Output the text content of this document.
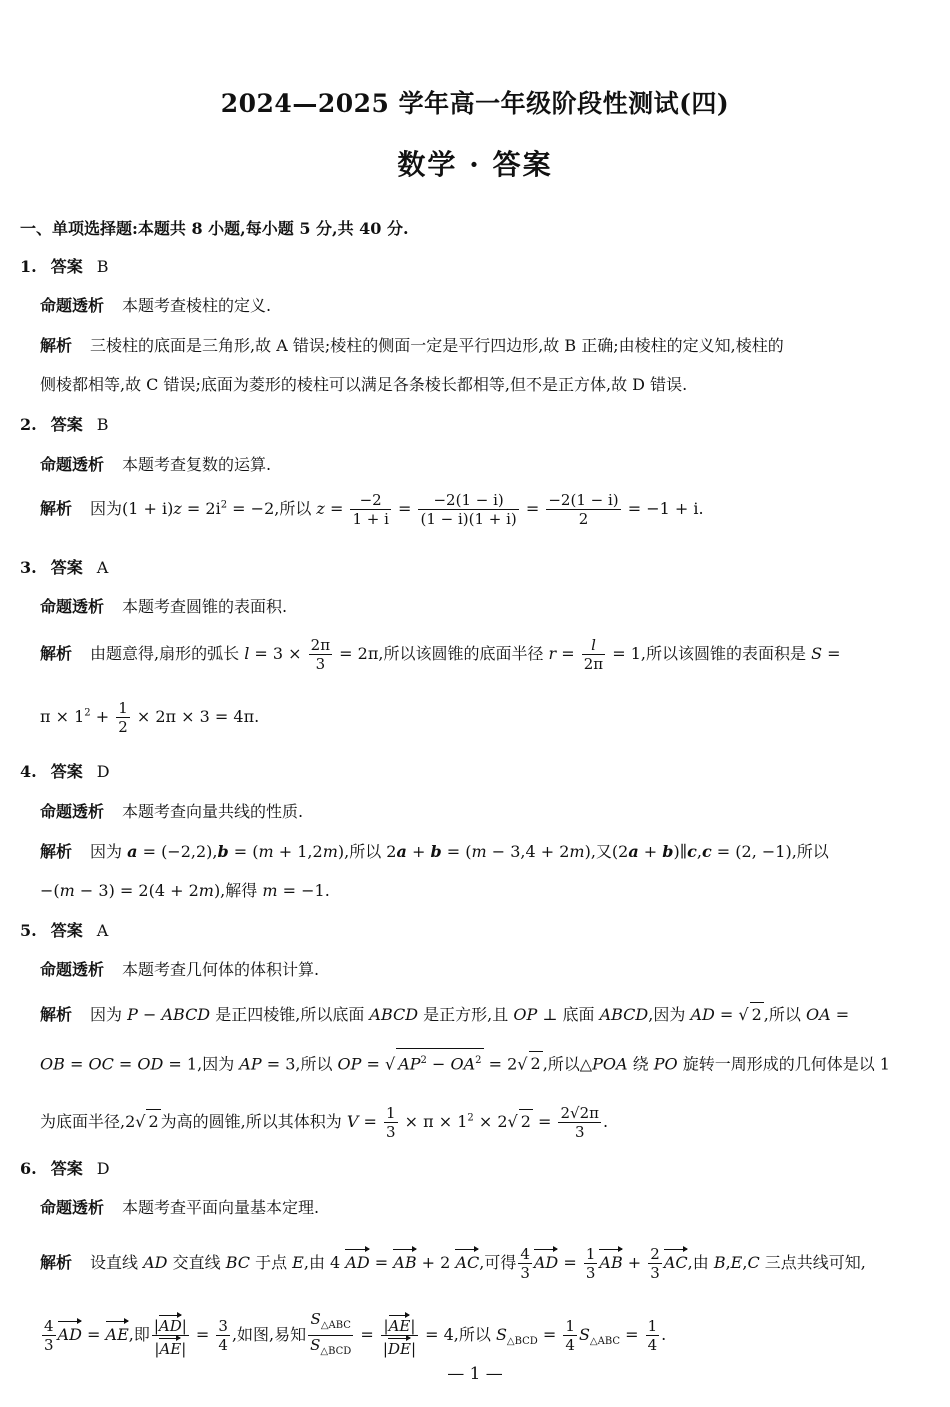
2024—2025 学年高一年级阶段性测试(四)
数学 · 答案
一、单项选择题:本题共 8 小题,每小题 5 分,共 40 分.
1. 答案 B
命题透析 本题考查棱柱的定义.
解析 三棱柱的底面是三角形,故 A 错误;棱柱的侧面一定是平行四边形,故 B 正确;由棱柱的定义知,棱柱的
侧棱都相等,故 C 错误;底面为菱形的棱柱可以满足各条棱长都相等,但不是正方体,故 D 错误.
2. 答案 B
命题透析 本题考查复数的运算.
解析 因为$(1 + i)z = 2i^2 = -2$,所以 $z = \frac{-2}{1 + i} = \frac{-2(1 - i)}{(1 - i)(1 + i)} = \frac{-2(1 - i)}{2} = -1 + i$.
3. 答案 A
命题透析 本题考查圆锥的表面积.
解析 由题意得,扇形的弧长 $l = 3 \times \frac{2\pi}{3} = 2\pi$,所以该圆锥的底面半径 $r = \frac{l}{2\pi} = 1$,所以该圆锥的表面积是 S =
$\pi \times 1^2 + \frac{1}{2} \times 2\pi \times 3 = 4\pi$.
4. 答案 D
命题透析 本题考查向量共线的性质.
解析 因为 a = (−2,2),b = (m + 1,2m),所以 2a + b = (m − 3,4 + 2m),又(2a + b)∥c,c = (2, −1),所以
−(m − 3) = 2(4 + 2m),解得 m = −1.
5. 答案 A
命题透析 本题考查几何体的体积计算.
解析 因为 P − ABCD 是正四棱锥,所以底面 ABCD 是正方形,且 OP ⊥ 底面 ABCD,因为 AD = √ 2 ,所以 OA =
OB = OC = OD = 1,因为 AP = 3,所以 OP = √ $AP^2 - OA^2 = 2√$ 2 ,所以△POA 绕 PO 旋转一周形成的几何体是以 1
为底面半径,2√ 2 为高的圆锥,所以其体积为 $V = \frac{1}{3} \times \pi \times 1^2 \times 2√$ $2 = \frac{2√2\pi}{3}$ .
6. 答案 D
命题透析 本题考查平面向量基本定理.
解析 设直线 AD 交直线 BC 于点 E,由 4 AD = AB + 2 AC,可得 $\frac{4}{3}$ AD = $\frac{1}{3}$ AB + $\frac{2}{3}$ AC,由 B,E,C 三点共线可知,
$\frac{4}{3}$ AD = AE,即 $\frac{|AD|}{|AE|} = \frac{3}{4}$ ,如图,易知 $\frac{S_{\triangle ABC}}{S_{\triangle BCD}} = \frac{|AE|}{|DE|} = 4$,所以 $S_{\triangle BCD} = \frac{1}{4} S_{\triangle ABC} = \frac{1}{4}$ .
— 1 —
